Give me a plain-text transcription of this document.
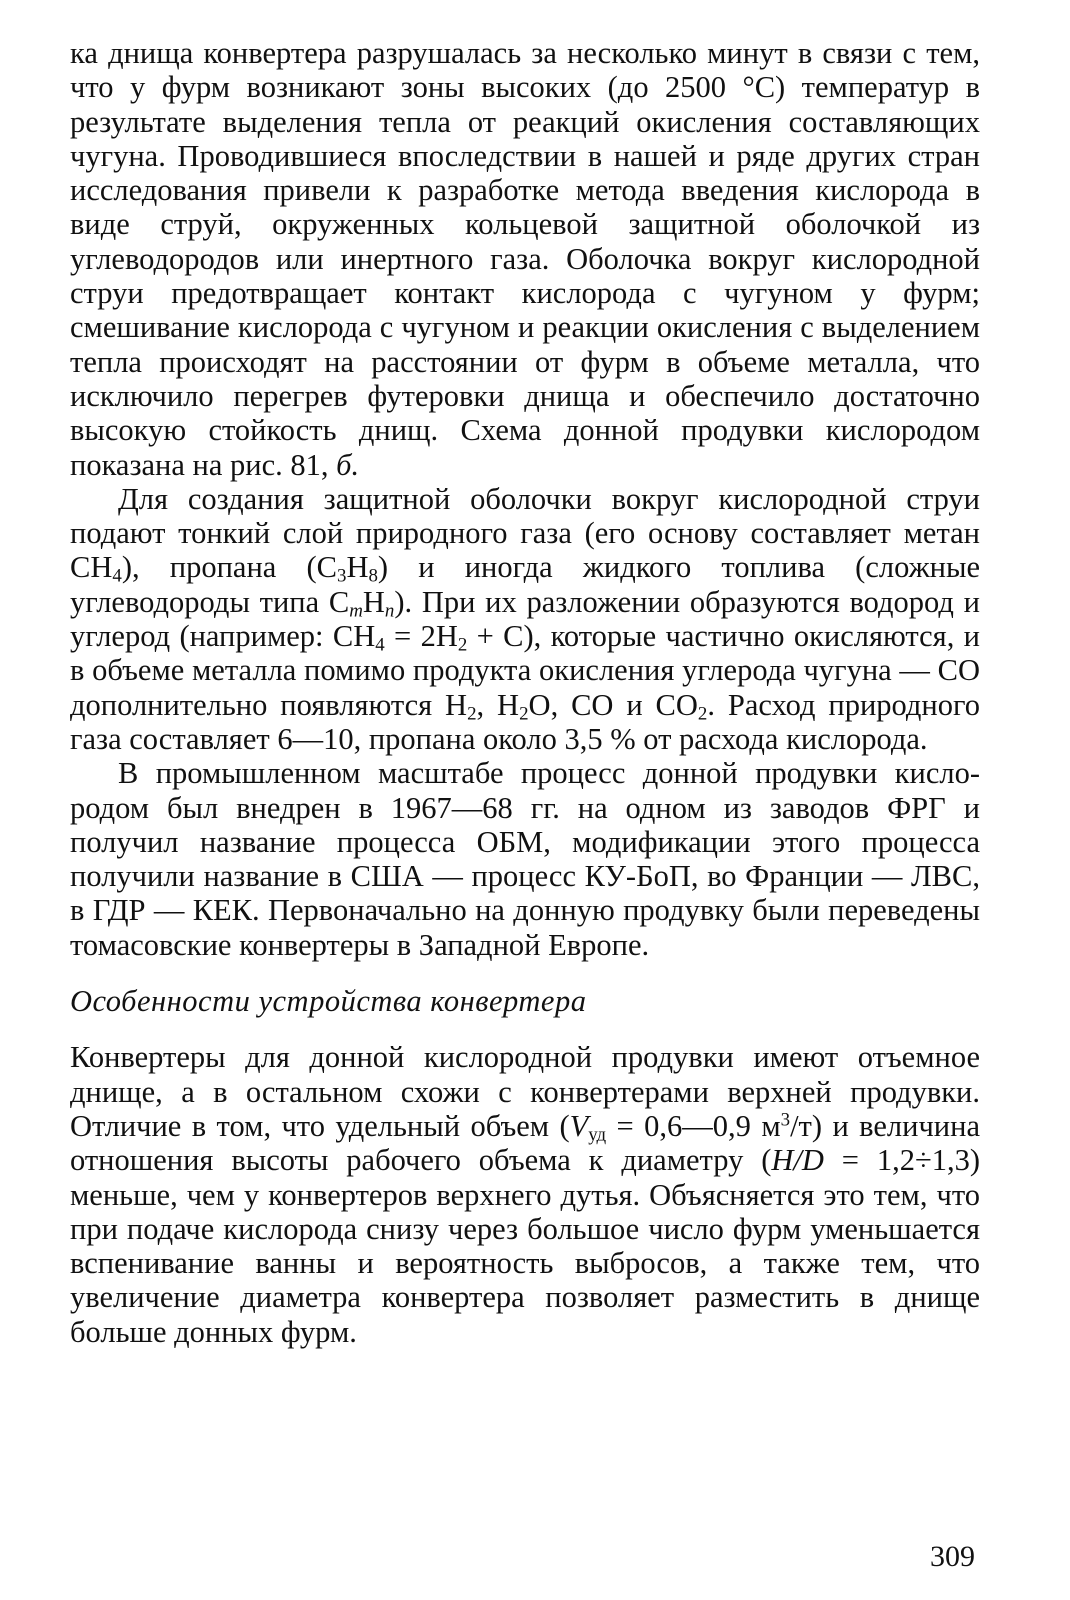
ка днища конвертера разрушалась за несколько минут в связи с тем, что у фурм возникают зоны высоких (до 2500 °С) температур в результате выделения тепла от реакций окисления составляющих чугуна. Проводившиеся впоследствии в нашей и ряде других стран исследования привели к разработке метода введения кислорода в виде струй, окруженных кольцевой защитной оболочкой из углеводородов или инертного газа. Оболочка вокруг кислородной струи предотвращает контакт кислорода с чугуном у фурм; смешивание кислорода с чугуном и реакции окисления с выделением тепла происходят на расстоянии от фурм в объеме металла, что исключило перегрев футеровки днища и обеспечило достаточно высокую стойкость днищ. Схема донной продувки кислородом показана на рис. 81, б.

Для создания защитной оболочки вокруг кислородной струи подают тонкий слой природного газа (его основу составляет метан $CH_4$), пропана $(C_3H_8)$ и иногда жидкого топлива (сложные углеводороды типа $C_mH_n$). При их разложении образуются водород и углерод (например: $CH_4 = 2H_2 + C$), которые частично окисляются, и в объеме металла помимо продукта окисления углерода чугуна — CO дополнительно появляются $H_2$, $H_2O$, CO и $CO_2$. Расход природного газа составляет 6—10, пропана около 3,5 % от расхода кислорода.

В промышленном масштабе процесс донной продувки кислородом был внедрен в 1967—68 гг. на одном из заводов ФРГ и получил название процесса ОБМ, модификации этого процесса получили название в США — процесс КУ-БоП, во Франции — ЛВС, в ГДР — КЕК. Первоначально на донную продувку были переведены томасовские конвертеры в Западной Европе.

Особенности устройства конвертера

Конвертеры для донной кислородной продувки имеют отъемное днище, а в остальном схожи с конвертерами верхней продувки. Отличие в том, что удельный объем ($V_{уд}$ = 0,6—0,9 $м^3/т$) и величина отношения высоты рабочего объема к диаметру (H/D = 1,2÷1,3) меньше, чем у конвертеров верхнего дутья. Объясняется это тем, что при подаче кислорода снизу через большое число фурм уменьшается вспенивание ванны и вероятность выбросов, а также тем, что увеличение диаметра конвертера позволяет разместить в днище больше донных фурм.

309
